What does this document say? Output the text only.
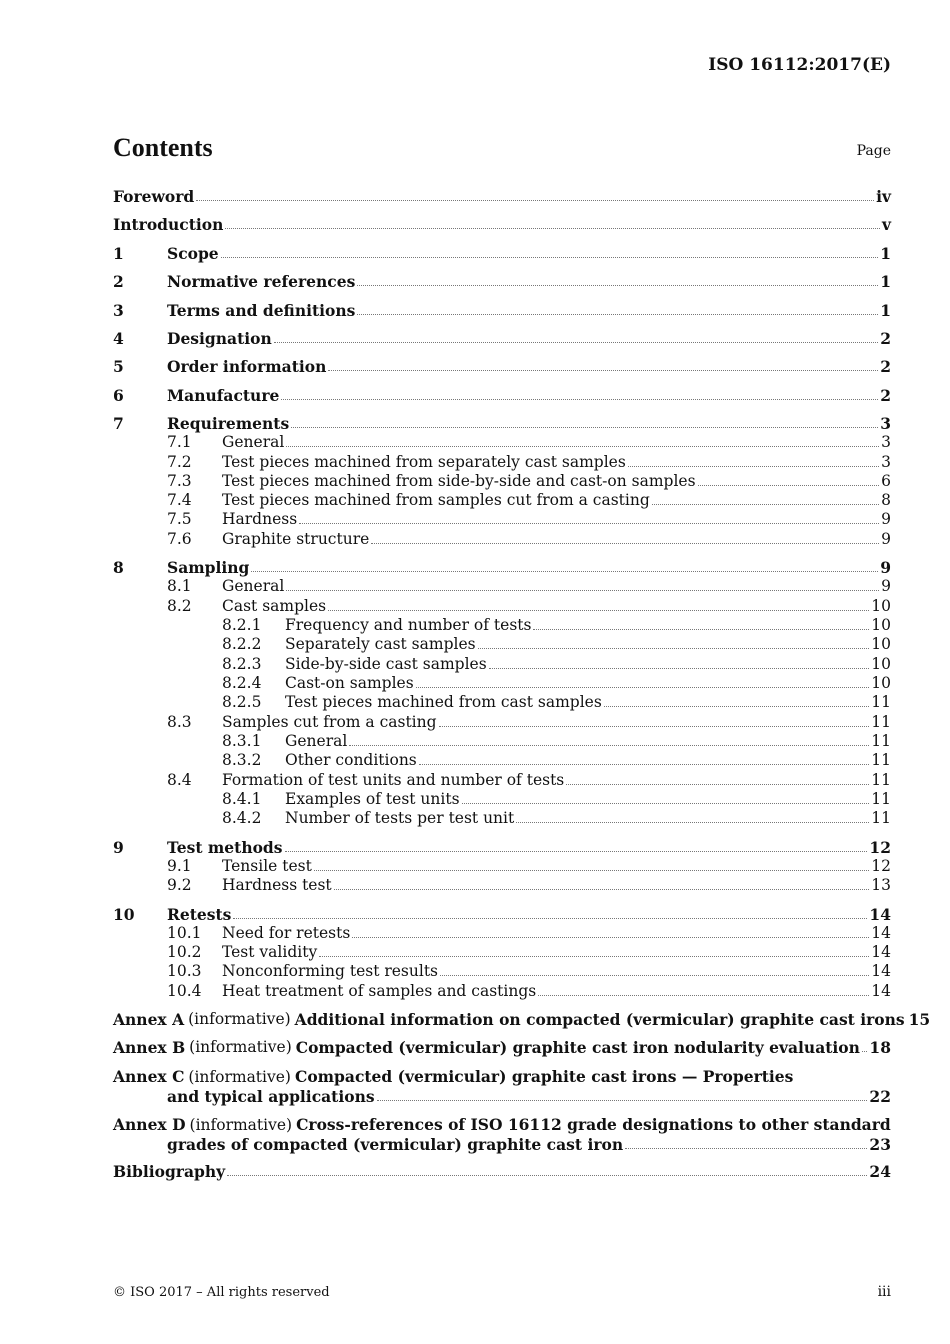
ISO 16112:2017(E)
Contents	Page
Foreword	iv
Introduction	v
1	Scope	1
2	Normative references	1
3	Terms and definitions	1
4	Designation	2
5	Order information	2
6	Manufacture	2
7	Requirements	3
7.1	General	3
7.2	Test pieces machined from separately cast samples	3
7.3	Test pieces machined from side-by-side and cast-on samples	6
7.4	Test pieces machined from samples cut from a casting	8
7.5	Hardness	9
7.6	Graphite structure	9
8	Sampling	9
8.1	General	9
8.2	Cast samples	10
8.2.1	Frequency and number of tests	10
8.2.2	Separately cast samples	10
8.2.3	Side-by-side cast samples	10
8.2.4	Cast-on samples	10
8.2.5	Test pieces machined from cast samples	11
8.3	Samples cut from a casting	11
8.3.1	General	11
8.3.2	Other conditions	11
8.4	Formation of test units and number of tests	11
8.4.1	Examples of test units	11
8.4.2	Number of tests per test unit	11
9	Test methods	12
9.1	Tensile test	12
9.2	Hardness test	13
10	Retests	14
10.1	Need for retests	14
10.2	Test validity	14
10.3	Nonconforming test results	14
10.4	Heat treatment of samples and castings	14
Annex A (informative) Additional information on compacted (vermicular) graphite cast irons 15
Annex B (informative) Compacted (vermicular) graphite cast iron nodularity evaluation 18
Annex C (informative) Compacted (vermicular) graphite cast irons — Properties
and typical applications	22
Annex D (informative) Cross-references of ISO 16112 grade designations to other standard
grades of compacted (vermicular) graphite cast iron	23
Bibliography	24
© ISO 2017 – All rights reserved	iii
